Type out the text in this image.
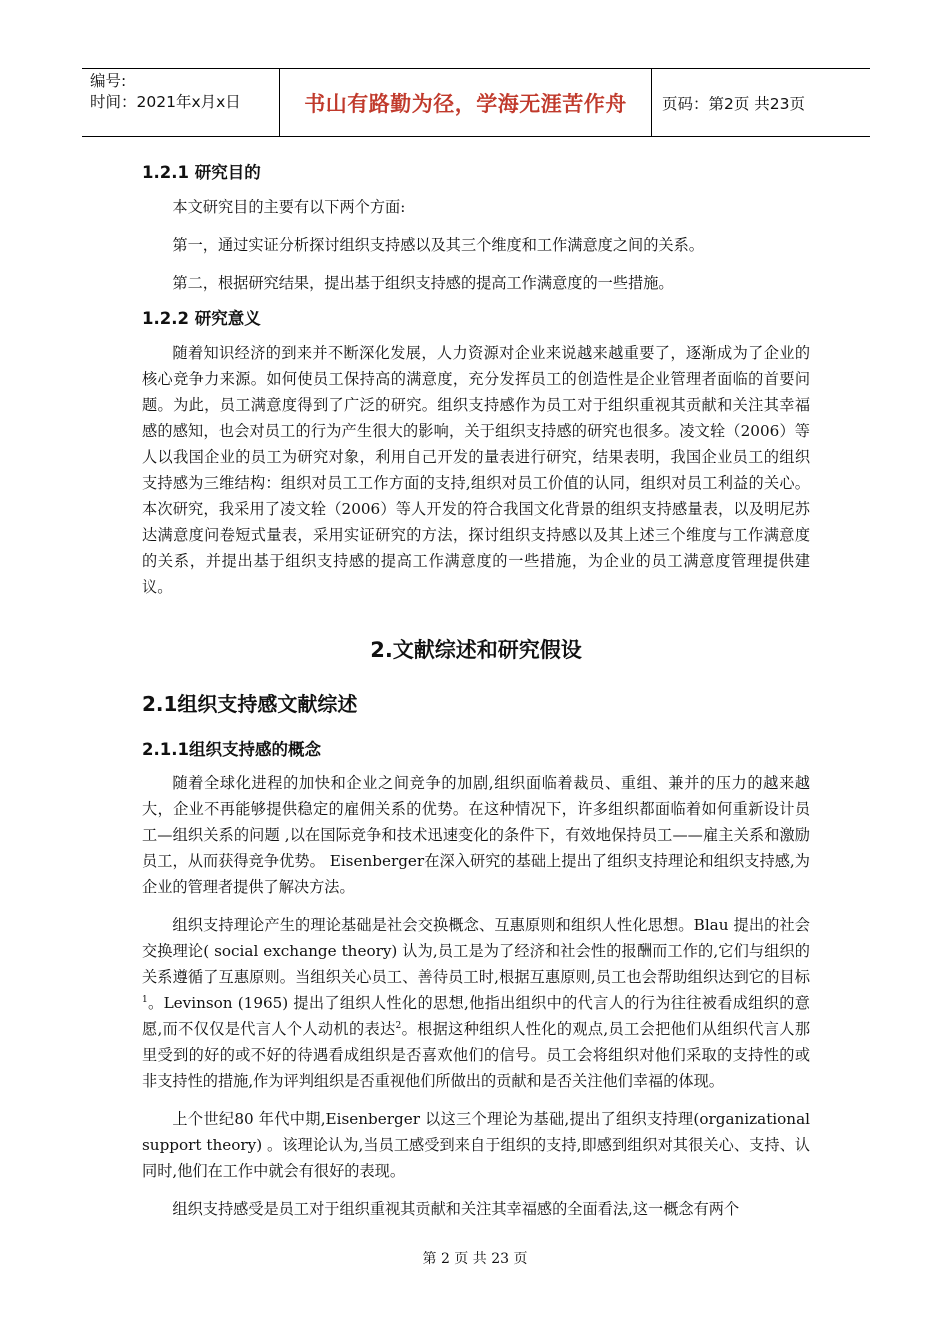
编号:
时间：2021年x月x日	书山有路勤为径，学海无涯苦作舟	页码：第2页 共23页
1.2.1 研究目的

本文研究目的主要有以下两个方面:

第一，通过实证分析探讨组织支持感以及其三个维度和工作满意度之间的关系。

第二，根据研究结果，提出基于组织支持感的提高工作满意度的一些措施。

1.2.2 研究意义

随着知识经济的到来并不断深化发展，人力资源对企业来说越来越重要了，逐渐成为了企业的核心竞争力来源。如何使员工保持高的满意度，充分发挥员工的创造性是企业管理者面临的首要问题。为此，员工满意度得到了广泛的研究。组织支持感作为员工对于组织重视其贡献和关注其幸福感的感知，也会对员工的行为产生很大的影响，关于组织支持感的研究也很多。凌文辁（2006）等人以我国企业的员工为研究对象，利用自己开发的量表进行研究，结果表明，我国企业员工的组织支持感为三维结构：组织对员工工作方面的支持,组织对员工价值的认同，组织对员工利益的关心。本次研究，我采用了凌文辁（2006）等人开发的符合我国文化背景的组织支持感量表，以及明尼苏达满意度问卷短式量表，采用实证研究的方法，探讨组织支持感以及其上述三个维度与工作满意度的关系，并提出基于组织支持感的提高工作满意度的一些措施，为企业的员工满意度管理提供建议。

2.文献综述和研究假设
2.1组织支持感文献综述
2.1.1组织支持感的概念

随着全球化进程的加快和企业之间竞争的加剧,组织面临着裁员、重组、兼并的压力的越来越大，企业不再能够提供稳定的雇佣关系的优势。在这种情况下，许多组织都面临着如何重新设计员工—组织关系的问题 ,以在国际竞争和技术迅速变化的条件下，有效地保持员工——雇主关系和激励员工，从而获得竞争优势。 Eisenberger在深入研究的基础上提出了组织支持理论和组织支持感,为企业的管理者提供了解决方法。

组织支持理论产生的理论基础是社会交换概念、互惠原则和组织人性化思想。Blau 提出的社会交换理论( social exchange theory) 认为,员工是为了经济和社会性的报酬而工作的,它们与组织的关系遵循了互惠原则。当组织关心员工、善待员工时,根据互惠原则,员工也会帮助组织达到它的目标$^1$。Levinson (1965) 提出了组织人性化的思想,他指出组织中的代言人的行为往往被看成组织的意愿,而不仅仅是代言人个人动机的表达$^2$。根据这种组织人性化的观点,员工会把他们从组织代言人那里受到的好的或不好的待遇看成组织是否喜欢他们的信号。员工会将组织对他们采取的支持性的或非支持性的措施,作为评判组织是否重视他们所做出的贡献和是否关注他们幸福的体现。

上个世纪80 年代中期,Eisenberger 以这三个理论为基础,提出了组织支持理(organizational support theory) 。该理论认为,当员工感受到来自于组织的支持,即感到组织对其很关心、支持、认同时,他们在工作中就会有很好的表现。

组织支持感受是员工对于组织重视其贡献和关注其幸福感的全面看法,这一概念有两个

第 2 页 共 23 页
